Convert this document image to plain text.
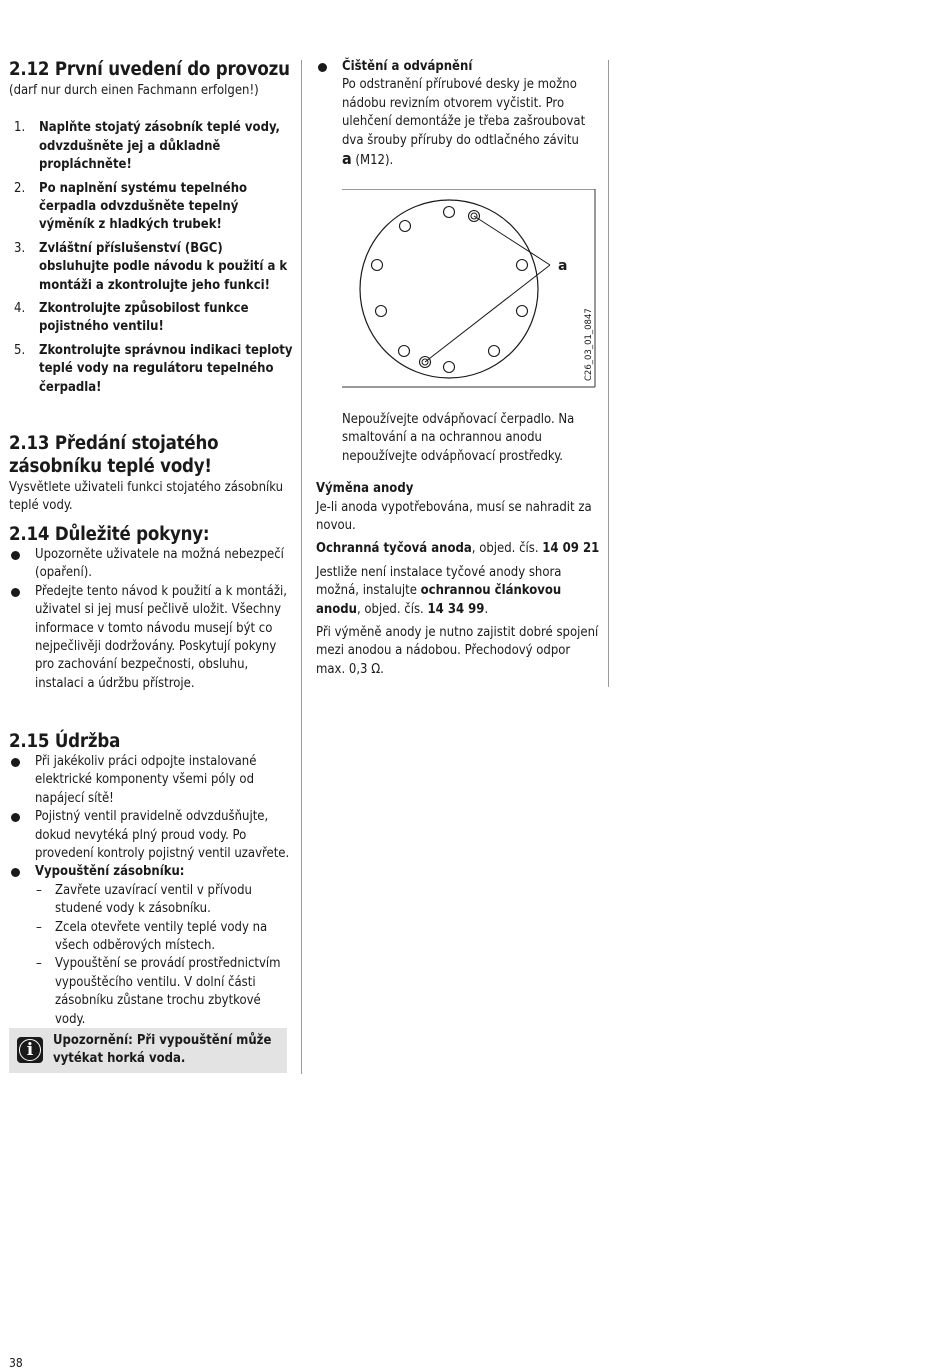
2.12 První uvedení do provozu

(darf nur durch einen Fachmann erfolgen!)

1. Naplňte stojatý zásobník teplé vody, odvzdušněte jej a důkladně propláchněte!
2. Po naplnění systému tepelného čerpadla odvzdušněte tepelný výměník z hladkých trubek!
3. Zvláštní příslušenství (BGC) obsluhujte podle návodu k použití a k montáži a zkontrolujte jeho funkci!
4. Zkontrolujte způsobilost funkce pojistného ventilu!
5. Zkontrolujte správnou indikaci teploty teplé vody na regulátoru tepelného čerpadla!
2.13 Předání stojatého zásobníku teplé vody!

Vysvětlete uživateli funkci stojatého zásobníku teplé vody.

2.14 Důležité pokyny:
Upozorněte uživatele na možná nebezpečí (opaření).
Předejte tento návod k použití a k montáži, uživatel si jej musí pečlivě uložit. Všechny informace v tomto návodu musejí být co nejpečlivěji dodržovány. Poskytují pokyny pro zachování bezpečnosti, obsluhu, instalaci a údržbu přístroje.
2.15 Údržba
Při jakékoliv práci odpojte instalované elektrické komponenty všemi póly od napájecí sítě!
Pojistný ventil pravidelně odvzdušňujte, dokud nevytéká plný proud vody. Po provedení kontroly pojistný ventil uzavřete.
Vypouštění zásobníku:
– Zavřete uzavírací ventil v přívodu studené vody k zásobníku.
– Zcela otevřete ventily teplé vody na všech odběrových místech.
– Vypouštění se provádí prostřednictvím vypouštěcího ventilu. V dolní části zásobníku zůstane trochu zbytkové vody.
i	Upozornění: Při vypouštění může vytékat horká voda.

Čištění a odvápnění

Po odstranění přírubové desky je možno nádobu revizním otvorem vyčistit. Pro ulehčení demontáže je třeba zašroubovat dva šrouby příruby do odtlačného závitu
a (M12).

a
C26_03_01_0847

Nepoužívejte odvápňovací čerpadlo. Na smaltování a na ochrannou anodu nepoužívejte odvápňovací prostředky.

Výměna anody

Je-li anoda vypotřebována, musí se nahradit za novou.

Ochranná tyčová anoda, objed. čís. 14 09 21

Jestliže není instalace tyčové anody shora možná, instalujte ochrannou článkovou anodu, objed. čís. 14 34 99.

Při výměně anody je nutno zajistit dobré spojení mezi anodou a nádobou. Přechodový odpor max. 0,3 Ω.

38
